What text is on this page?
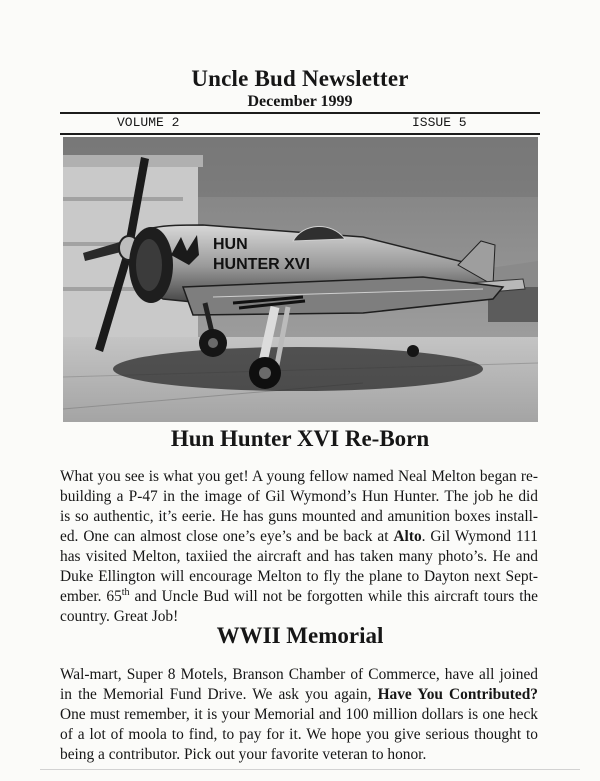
Uncle Bud Newsletter
December 1999
VOLUME 2	ISSUE 5
HUN
HUNTER XVI
Hun Hunter XVI Re-Born
What you see is what you get! A young fellow named Neal Melton began re-
building a P-47 in the image of Gil Wymond’s Hun Hunter. The job he did
is so authentic, it’s eerie. He has guns mounted and amunition boxes install-
ed. One can almost close one’s eye’s and be back at Alto. Gil Wymond 111
has visited Melton, taxiied the aircraft and has taken many photo’s. He and
Duke Ellington will encourage Melton to fly the plane to Dayton next Sept-
ember. 65th and Uncle Bud will not be forgotten while this aircraft tours the
country. Great Job!
WWII Memorial
Wal-mart, Super 8 Motels, Branson Chamber of Commerce, have all joined
in the Memorial Fund Drive. We ask you again, Have You Contributed?
One must remember, it is your Memorial and 100 million dollars is one heck
of a lot of moola to find, to pay for it. We hope you give serious thought to
being a contributor. Pick out your favorite veteran to honor.
